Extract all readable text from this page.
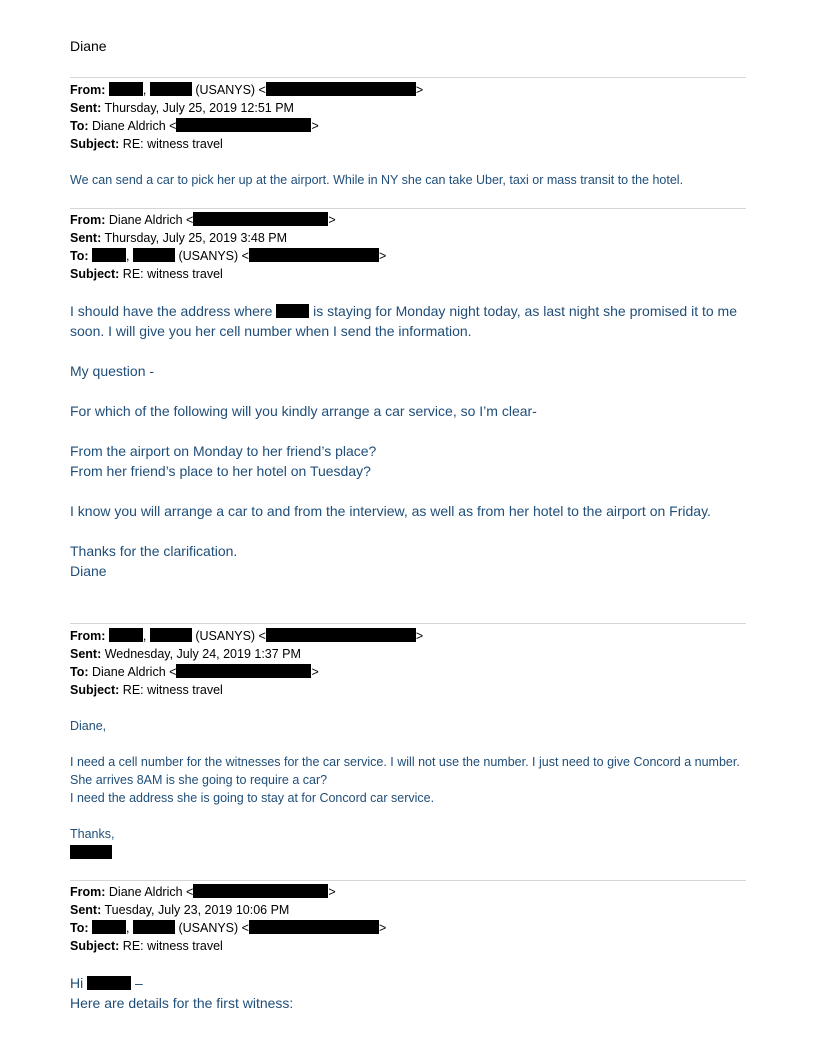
Diane
From:	,	(USANYS) <	>
Sent: Thursday, July 25, 2019 12:51 PM
To: Diane Aldrich <	>
Subject: RE: witness travel
We can send a car to pick her up at the airport. While in NY she can take Uber, taxi or mass transit to the hotel.
From: Diane Aldrich <	>
Sent: Thursday, July 25, 2019 3:48 PM
To:	,	(USANYS) <	>
Subject: RE: witness travel
I should have the address where	is staying for Monday night today, as last night she promised it to me soon. I will give you her cell number when I send the information.
My question -
For which of the following will you kindly arrange a car service, so I’m clear-
From the airport on Monday to her friend’s place?
From her friend’s place to her hotel on Tuesday?
I know you will arrange a car to and from the interview, as well as from her hotel to the airport on Friday.
Thanks for the clarification.
Diane
From:	,	(USANYS) <	>
Sent: Wednesday, July 24, 2019 1:37 PM
To: Diane Aldrich <	>
Subject: RE: witness travel
Diane,
I need a cell number for the witnesses for the car service. I will not use the number. I just need to give Concord a number. She arrives 8AM is she going to require a car?
I need the address she is going to stay at for Concord car service.
Thanks,
From: Diane Aldrich <	>
Sent: Tuesday, July 23, 2019 10:06 PM
To:	,	(USANYS) <	>
Subject: RE: witness travel
Hi	–
Here are details for the first witness:
